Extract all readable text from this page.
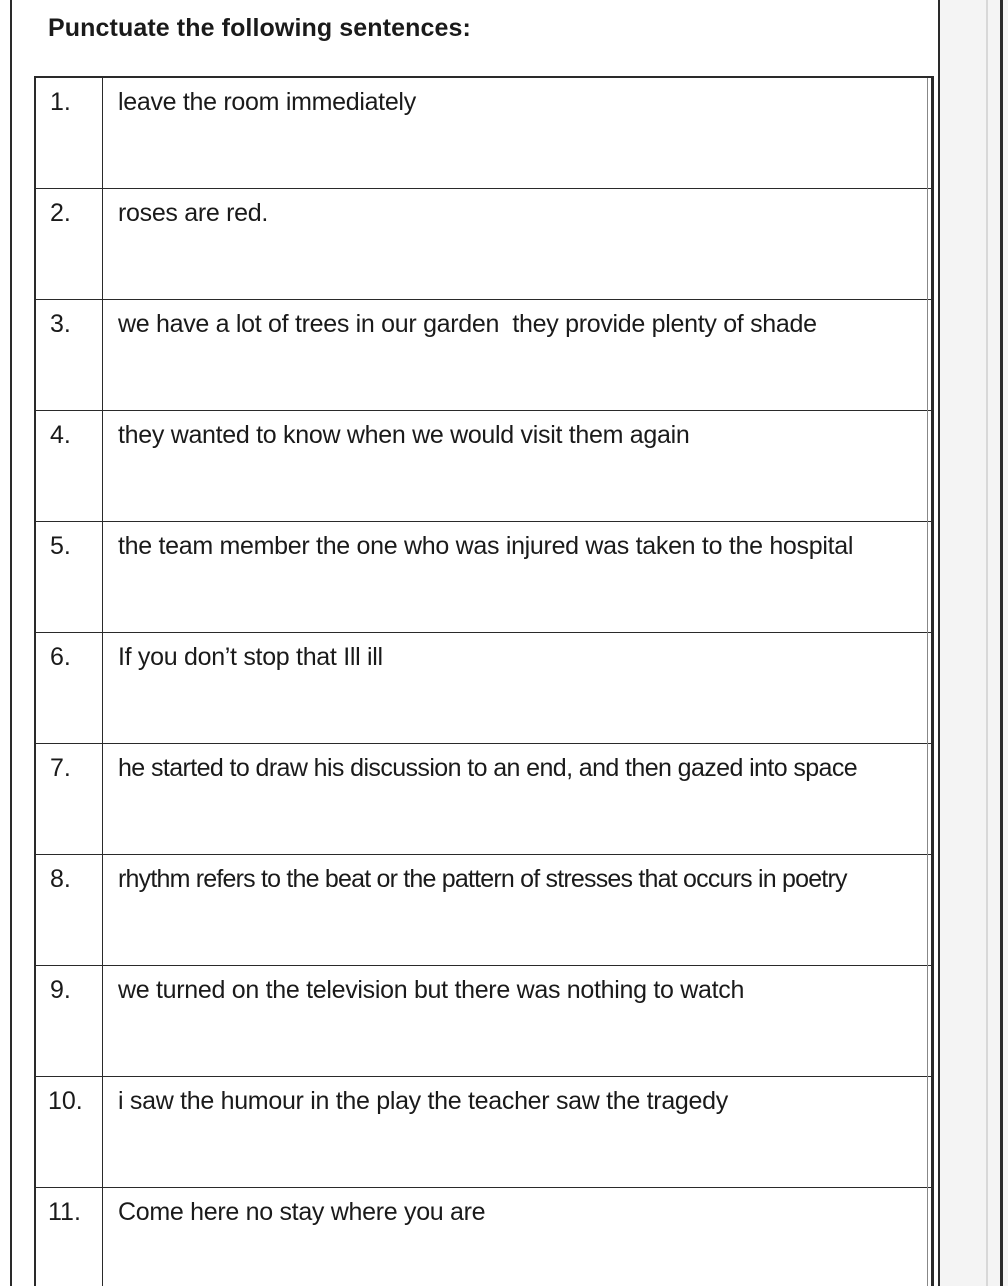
Punctuate the following sentences:
1. leave the room immediately
2. roses are red.
3. we have a lot of trees in our garden  they provide plenty of shade
4. they wanted to know when we would visit them again
5. the team member the one who was injured was taken to the hospital
6. If you don’t stop that Ill ill
7. he started to draw his discussion to an end, and then gazed into space
8. rhythm refers to the beat or the pattern of stresses that occurs in poetry
9. we turned on the television but there was nothing to watch
10. i saw the humour in the play the teacher saw the tragedy
11. Come here no stay where you are
